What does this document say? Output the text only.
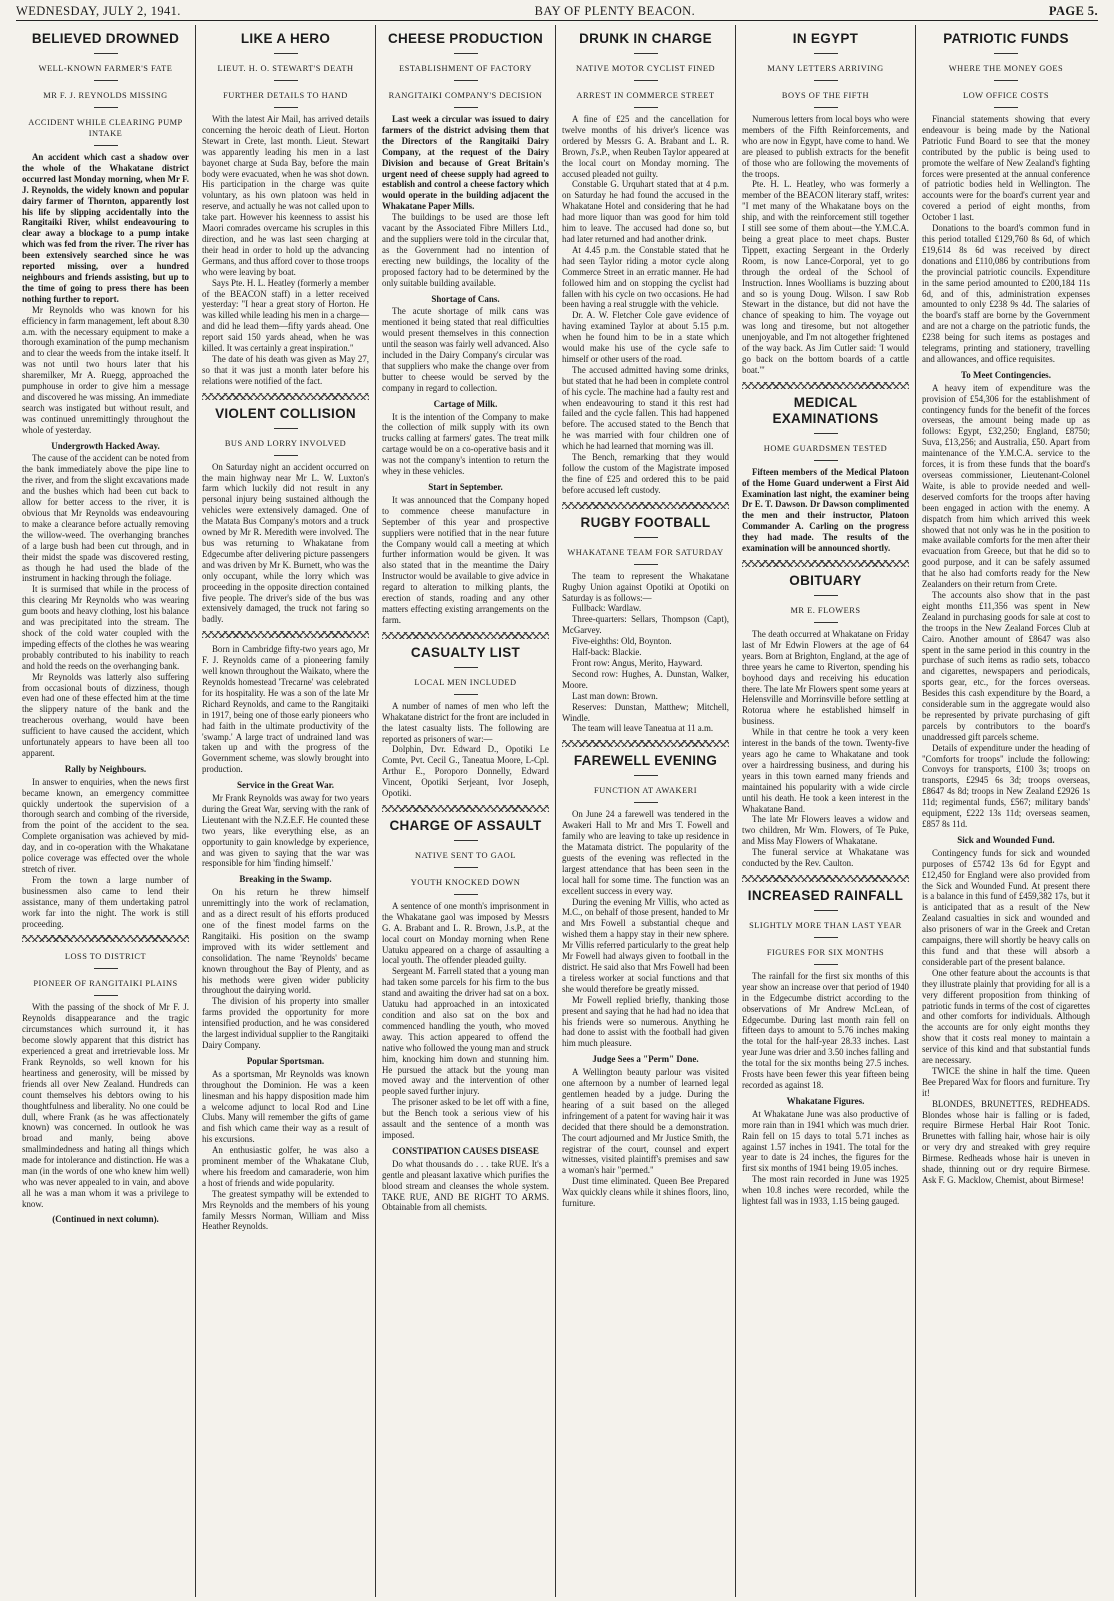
WEDNESDAY, JULY 2, 1941.	BAY OF PLENTY BEACON.	PAGE 5.
BELIEVED DROWNED
WELL-KNOWN FARMER'S FATE
MR F. J. REYNOLDS MISSING
ACCIDENT WHILE CLEARING PUMP INTAKE

An accident which cast a shadow over the whole of the Whakatane district occurred last Monday morning, when Mr F. J. Reynolds, the widely known and popular dairy farmer of Thornton, apparently lost his life by slipping accidentally into the Rangitaiki River, whilst endeavouring to clear away a blockage to a pump intake which was fed from the river. The river has been extensively searched since he was reported missing, over a hundred neighbours and friends assisting, but up to the time of going to press there has been nothing further to report.

Mr Reynolds who was known for his efficiency in farm management, left about 8.30 a.m. with the necessary equipment to make a thorough examination of the pump mechanism and to clear the weeds from the intake itself. It was not until two hours later that his sharemilker, Mr A. Ruegg, approached the pumphouse in order to give him a message and discovered he was missing. An immediate search was instigated but without result, and was continued unremittingly throughout the whole of yesterday.

Undergrowth Hacked Away.

The cause of the accident can be noted from the bank immediately above the pipe line to the river, and from the slight excavations made and the bushes which had been cut back to allow for better access to the river, it is obvious that Mr Reynolds was endeavouring to make a clearance before actually removing the willow-weed. The overhanging branches of a large bush had been cut through, and in their midst the spade was discovered resting, as though he had used the blade of the instrument in hacking through the foliage.

It is surmised that while in the process of this clearing Mr Reynolds who was wearing gum boots and heavy clothing, lost his balance and was precipitated into the stream. The shock of the cold water coupled with the impeding effects of the clothes he was wearing probably contributed to his inability to reach and hold the reeds on the overhanging bank.

Mr Reynolds was latterly also suffering from occasional bouts of dizziness, though even had one of these effected him at the time the slippery nature of the bank and the treacherous overhang, would have been sufficient to have caused the accident, which unfortunately appears to have been all too apparent.

Rally by Neighbours.

In answer to enquiries, when the news first became known, an emergency committee quickly undertook the supervision of a thorough search and combing of the riverside, from the point of the accident to the sea. Complete organisation was achieved by mid-day, and in co-operation with the Whakatane police coverage was effected over the whole stretch of river.

From the town a large number of businessmen also came to lend their assistance, many of them undertaking patrol work far into the night. The work is still proceeding.

LOSS TO DISTRICT
PIONEER OF RANGITAIKI PLAINS

With the passing of the shock of Mr F. J. Reynolds disappearance and the tragic circumstances which surround it, it has become slowly apparent that this district has experienced a great and irretrievable loss. Mr Frank Reynolds, so well known for his heartiness and generosity, will be missed by friends all over New Zealand. Hundreds can count themselves his debtors owing to his thoughtfulness and liberality. No one could be dull, where Frank (as he was affectionately known) was concerned. In outlook he was broad and manly, being above smallmindedness and hating all things which made for intolerance and distinction. He was a man (in the words of one who knew him well) who was never appealed to in vain, and above all he was a man whom it was a privilege to know.

(Continued in next column).
LIKE A HERO
LIEUT. H. O. STEWART'S DEATH
FURTHER DETAILS TO HAND

With the latest Air Mail, has arrived details concerning the heroic death of Lieut. Horton Stewart in Crete, last month. Lieut. Stewart was apparently leading his men in a last bayonet charge at Suda Bay, before the main body were evacuated, when he was shot down. His participation in the charge was quite voluntary, as his own platoon was held in reserve, and actually he was not called upon to take part. However his keenness to assist his Maori comrades overcame his scruples in this direction, and he was last seen charging at their head in order to hold up the advancing Germans, and thus afford cover to those troops who were leaving by boat.

Says Pte. H. L. Heatley (formerly a member of the BEACON staff) in a letter received yesterday: "I hear a great story of Horton. He was killed while leading his men in a charge—and did he lead them—fifty yards ahead. One report said 150 yards ahead, when he was killed. It was certainly a great inspiration."

The date of his death was given as May 27, so that it was just a month later before his relations were notified of the fact.

VIOLENT COLLISION
BUS AND LORRY INVOLVED

On Saturday night an accident occurred on the main highway near Mr L. W. Luxton's farm which luckily did not result in any personal injury being sustained although the vehicles were extensively damaged. One of the Matata Bus Company's motors and a truck owned by Mr R. Meredith were involved. The bus was returning to Whakatane from Edgecumbe after delivering picture passengers and was driven by Mr K. Burnett, who was the only occupant, while the lorry which was proceeding in the opposite direction contained five people. The driver's side of the bus was extensively damaged, the truck not faring so badly.

Born in Cambridge fifty-two years ago, Mr F. J. Reynolds came of a pioneering family well known throughout the Waikato, where the Reynolds homestead 'Trecarne' was celebrated for its hospitality. He was a son of the late Mr Richard Reynolds, and came to the Rangitaiki in 1917, being one of those early pioneers who had faith in the ultimate productivity of the 'swamp.' A large tract of undrained land was taken up and with the progress of the Government scheme, was slowly brought into production.

Service in the Great War.

Mr Frank Reynolds was away for two years during the Great War, serving with the rank of Lieutenant with the N.Z.E.F. He counted these two years, like everything else, as an opportunity to gain knowledge by experience, and was given to saying that the war was responsible for him 'finding himself.'

Breaking in the Swamp.

On his return he threw himself unremittingly into the work of reclamation, and as a direct result of his efforts produced one of the finest model farms on the Rangitaiki. His position on the swamp improved with its wider settlement and consolidation. The name 'Reynolds' became known throughout the Bay of Plenty, and as his methods were given wider publicity throughout the dairying world.

The division of his property into smaller farms provided the opportunity for more intensified production, and he was considered the largest individual supplier to the Rangitaiki Dairy Company.

Popular Sportsman.

As a sportsman, Mr Reynolds was known throughout the Dominion. He was a keen linesman and his happy disposition made him a welcome adjunct to local Rod and Line Clubs. Many will remember the gifts of game and fish which came their way as a result of his excursions.

An enthusiastic golfer, he was also a prominent member of the Whakatane Club, where his freedom and camaraderie, won him a host of friends and wide popularity.

The greatest sympathy will be extended to Mrs Reynolds and the members of his young family Messrs Norman, William and Miss Heather Reynolds.

CHEESE PRODUCTION
ESTABLISHMENT OF FACTORY
RANGITAIKI COMPANY'S DECISION

Last week a circular was issued to dairy farmers of the district advising them that the Directors of the Rangitaiki Dairy Company, at the request of the Dairy Division and because of Great Britain's urgent need of cheese supply had agreed to establish and control a cheese factory which would operate in the building adjacent the Whakatane Paper Mills.

The buildings to be used are those left vacant by the Associated Fibre Millers Ltd., and the suppliers were told in the circular that, as the Government had no intention of erecting new buildings, the locality of the proposed factory had to be determined by the only suitable building available.

Shortage of Cans.

The acute shortage of milk cans was mentioned it being stated that real difficulties would present themselves in this connection until the season was fairly well advanced. Also included in the Dairy Company's circular was that suppliers who make the change over from butter to cheese would be served by the company in regard to collection.

Cartage of Milk.

It is the intention of the Company to make the collection of milk supply with its own trucks calling at farmers' gates. The treat milk cartage would be on a co-operative basis and it was not the company's intention to return the whey in these vehicles.

Start in September.

It was announced that the Company hoped to commence cheese manufacture in September of this year and prospective suppliers were notified that in the near future the Company would call a meeting at which further information would be given. It was also stated that in the meantime the Dairy Instructor would be available to give advice in regard to alteration to milking plants, the erection of stands, roading and any other matters effecting existing arrangements on the farm.

CASUALTY LIST
LOCAL MEN INCLUDED

A number of names of men who left the Whakatane district for the front are included in the latest casualty lists. The following are reported as prisoners of war:—

Dolphin, Dvr. Edward D., Opotiki Le Comte, Pvt. Cecil G., Taneatua Moore, L-Cpl. Arthur E., Poroporo Donnelly, Edward Vincent, Opotiki Serjeant, Ivor Joseph, Opotiki.

CHARGE OF ASSAULT
NATIVE SENT TO GAOL
YOUTH KNOCKED DOWN

A sentence of one month's imprisonment in the Whakatane gaol was imposed by Messrs G. A. Brabant and L. R. Brown, J.s.P., at the local court on Monday morning when Rene Uatuku appeared on a charge of assaulting a local youth. The offender pleaded guilty.

Sergeant M. Farrell stated that a young man had taken some parcels for his firm to the bus stand and awaiting the driver had sat on a box. Uatuku had approached in an intoxicated condition and also sat on the box and commenced handling the youth, who moved away. This action appeared to offend the native who followed the young man and struck him, knocking him down and stunning him. He pursued the attack but the young man moved away and the intervention of other people saved further injury.

The prisoner asked to be let off with a fine, but the Bench took a serious view of his assault and the sentence of a month was imposed.

CONSTIPATION CAUSES DISEASE

Do what thousands do . . . take RUE. It's a gentle and pleasant laxative which purifies the blood stream and cleanses the whole system. TAKE RUE, AND BE RIGHT TO ARMS. Obtainable from all chemists.

DRUNK IN CHARGE
NATIVE MOTOR CYCLIST FINED
ARREST IN COMMERCE STREET

A fine of £25 and the cancellation for twelve months of his driver's licence was ordered by Messrs G. A. Brabant and L. R. Brown, J's.P., when Reuben Taylor appeared at the local court on Monday morning. The accused pleaded not guilty.

Constable G. Urquhart stated that at 4 p.m. on Saturday he had found the accused in the Whakatane Hotel and considering that he had had more liquor than was good for him told him to leave. The accused had done so, but had later returned and had another drink.

At 4.45 p.m. the Constable stated that he had seen Taylor riding a motor cycle along Commerce Street in an erratic manner. He had followed him and on stopping the cyclist had fallen with his cycle on two occasions. He had been having a real struggle with the vehicle.

Dr. A. W. Fletcher Cole gave evidence of having examined Taylor at about 5.15 p.m. when he found him to be in a state which would make his use of the cycle safe to himself or other users of the road.

The accused admitted having some drinks, but stated that he had been in complete control of his cycle. The machine had a faulty rest and when endeavouring to stand it this rest had failed and the cycle fallen. This had happened before. The accused stated to the Bench that he was married with four children one of which he had learned that morning was ill.

The Bench, remarking that they would follow the custom of the Magistrate imposed the fine of £25 and ordered this to be paid before accused left custody.

RUGBY FOOTBALL
WHAKATANE TEAM FOR SATURDAY

The team to represent the Whakatane Rugby Union against Opotiki at Opotiki on Saturday is as follows:—

Fullback: Wardlaw.

Three-quarters: Sellars, Thompson (Capt), McGarvey.

Five-eighths: Old, Boynton.

Half-back: Blackie.

Front row: Angus, Merito, Hayward.

Second row: Hughes, A. Dunstan, Walker, Moore.

Last man down: Brown.

Reserves: Dunstan, Matthew; Mitchell, Windle.

The team will leave Taneatua at 11 a.m.

FAREWELL EVENING
FUNCTION AT AWAKERI

On June 24 a farewell was tendered in the Awakeri Hall to Mr and Mrs T. Fowell and family who are leaving to take up residence in the Matamata district. The popularity of the guests of the evening was reflected in the largest attendance that has been seen in the local hall for some time. The function was an excellent success in every way.

During the evening Mr Villis, who acted as M.C., on behalf of those present, handed to Mr and Mrs Fowell a substantial cheque and wished them a happy stay in their new sphere. Mr Villis referred particularly to the great help Mr Fowell had always given to football in the district. He said also that Mrs Fowell had been a tireless worker at social functions and that she would therefore be greatly missed.

Mr Fowell replied briefly, thanking those present and saying that he had had no idea that his friends were so numerous. Anything he had done to assist with the football had given him much pleasure.

Judge Sees a "Perm" Done.

A Wellington beauty parlour was visited one afternoon by a number of learned legal gentlemen headed by a judge. During the hearing of a suit based on the alleged infringement of a patent for waving hair it was decided that there should be a demonstration. The court adjourned and Mr Justice Smith, the registrar of the court, counsel and expert witnesses, visited plaintiff's premises and saw a woman's hair "permed."

Dust time eliminated. Queen Bee Prepared Wax quickly cleans while it shines floors, lino, furniture.

IN EGYPT
MANY LETTERS ARRIVING
BOYS OF THE FIFTH

Numerous letters from local boys who were members of the Fifth Reinforcements, and who are now in Egypt, have come to hand. We are pleased to publish extracts for the benefit of those who are following the movements of the troops.

Pte. H. L. Heatley, who was formerly a member of the BEACON literary staff, writes: "I met many of the Whakatane boys on the ship, and with the reinforcement still together I still see some of them about—the Y.M.C.A. being a great place to meet chaps. Buster Tippett, exacting Sergeant in the Orderly Room, is now Lance-Corporal, yet to go through the ordeal of the School of Instruction. Innes Woolliams is buzzing about and so is young Doug. Wilson. I saw Rob Stewart in the distance, but did not have the chance of speaking to him. The voyage out was long and tiresome, but not altogether unenjoyable, and I'm not altogether frightened of the way back. As Jim Cutler said: 'I would go back on the bottom boards of a cattle boat.'"

MEDICAL EXAMINATIONS
HOME GUARDSMEN TESTED

Fifteen members of the Medical Platoon of the Home Guard underwent a First Aid Examination last night, the examiner being Dr E. T. Dawson. Dr Dawson complimented the men and their instructor, Platoon Commander A. Carling on the progress they had made. The results of the examination will be announced shortly.

OBITUARY
MR E. FLOWERS

The death occurred at Whakatane on Friday last of Mr Edwin Flowers at the age of 64 years. Born at Brighton, England, at the age of three years he came to Riverton, spending his boyhood days and receiving his education there. The late Mr Flowers spent some years at Helensville and Morrinsville before settling at Rotorua where he established himself in business.

While in that centre he took a very keen interest in the bands of the town. Twenty-five years ago he came to Whakatane and took over a hairdressing business, and during his years in this town earned many friends and maintained his popularity with a wide circle until his death. He took a keen interest in the Whakatane Band.

The late Mr Flowers leaves a widow and two children, Mr Wm. Flowers, of Te Puke, and Miss May Flowers of Whakatane.

The funeral service at Whakatane was conducted by the Rev. Caulton.

INCREASED RAINFALL
SLIGHTLY MORE THAN LAST YEAR
FIGURES FOR SIX MONTHS

The rainfall for the first six months of this year show an increase over that period of 1940 in the Edgecumbe district according to the observations of Mr Andrew McLean, of Edgecumbe. During last month rain fell on fifteen days to amount to 5.76 inches making the total for the half-year 28.33 inches. Last year June was drier and 3.50 inches falling and the total for the six months being 27.5 inches. Frosts have been fewer this year fifteen being recorded as against 18.

Whakatane Figures.

At Whakatane June was also productive of more rain than in 1941 which was much drier. Rain fell on 15 days to total 5.71 inches as against 1.57 inches in 1941. The total for the year to date is 24 inches, the figures for the first six months of 1941 being 19.05 inches.

The most rain recorded in June was 1925 when 10.8 inches were recorded, while the lightest fall was in 1933, 1.15 being gauged.

PATRIOTIC FUNDS
WHERE THE MONEY GOES
LOW OFFICE COSTS

Financial statements showing that every endeavour is being made by the National Patriotic Fund Board to see that the money contributed by the public is being used to promote the welfare of New Zealand's fighting forces were presented at the annual conference of patriotic bodies held in Wellington. The accounts were for the board's current year and covered a period of eight months, from October 1 last.

Donations to the board's common fund in this period totalled £129,760 8s 6d, of which £19,614 8s 6d was received by direct donations and £110,086 by contributions from the provincial patriotic councils. Expenditure in the same period amounted to £200,184 11s 6d, and of this, administration expenses amounted to only £238 9s 4d. The salaries of the board's staff are borne by the Government and are not a charge on the patriotic funds, the £238 being for such items as postages and telegrams, printing and stationery, travelling and allowances, and office requisites.

To Meet Contingencies.

A heavy item of expenditure was the provision of £54,306 for the establishment of contingency funds for the benefit of the forces overseas, the amount being made up as follows: Egypt, £32,250; England, £8750; Suva, £13,256; and Australia, £50. Apart from maintenance of the Y.M.C.A. service to the forces, it is from these funds that the board's overseas commissioner, Lieutenant-Colonel Waite, is able to provide needed and well-deserved comforts for the troops after having been engaged in action with the enemy. A dispatch from him which arrived this week showed that not only was he in the position to make available comforts for the men after their evacuation from Greece, but that he did so to good purpose, and it can be safely assumed that he also had comforts ready for the New Zealanders on their return from Crete.

The accounts also show that in the past eight months £11,356 was spent in New Zealand in purchasing goods for sale at cost to the troops in the New Zealand Forces Club at Cairo. Another amount of £8647 was also spent in the same period in this country in the purchase of such items as radio sets, tobacco and cigarettes, newspapers and periodicals, sports gear, etc., for the forces overseas. Besides this cash expenditure by the Board, a considerable sum in the aggregate would also be represented by private purchasing of gift parcels by contributors to the board's unaddressed gift parcels scheme.

Details of expenditure under the heading of "Comforts for troops" include the following: Convoys for transports, £100 3s; troops on transports, £2945 6s 3d; troops overseas, £8647 4s 8d; troops in New Zealand £2926 1s 11d; regimental funds, £567; military bands' equipment, £222 13s 11d; overseas seamen, £857 8s 11d.

Sick and Wounded Fund.

Contingency funds for sick and wounded purposes of £5742 13s 6d for Egypt and £12,450 for England were also provided from the Sick and Wounded Fund. At present there is a balance in this fund of £459,382 17s, but it is anticipated that as a result of the New Zealand casualties in sick and wounded and also prisoners of war in the Greek and Cretan campaigns, there will shortly be heavy calls on this fund and that these will absorb a considerable part of the present balance.

One other feature about the accounts is that they illustrate plainly that providing for all is a very different proposition from thinking of patriotic funds in terms of the cost of cigarettes and other comforts for individuals. Although the accounts are for only eight months they show that it costs real money to maintain a service of this kind and that substantial funds are necessary.

TWICE the shine in half the time. Queen Bee Prepared Wax for floors and furniture. Try it!

BLONDES, BRUNETTES, REDHEADS. Blondes whose hair is falling or is faded, require Birmese Herbal Hair Root Tonic. Brunettes with falling hair, whose hair is oily or very dry and streaked with grey require Birmese. Redheads whose hair is uneven in shade, thinning out or dry require Birmese. Ask F. G. Macklow, Chemist, about Birmese!
